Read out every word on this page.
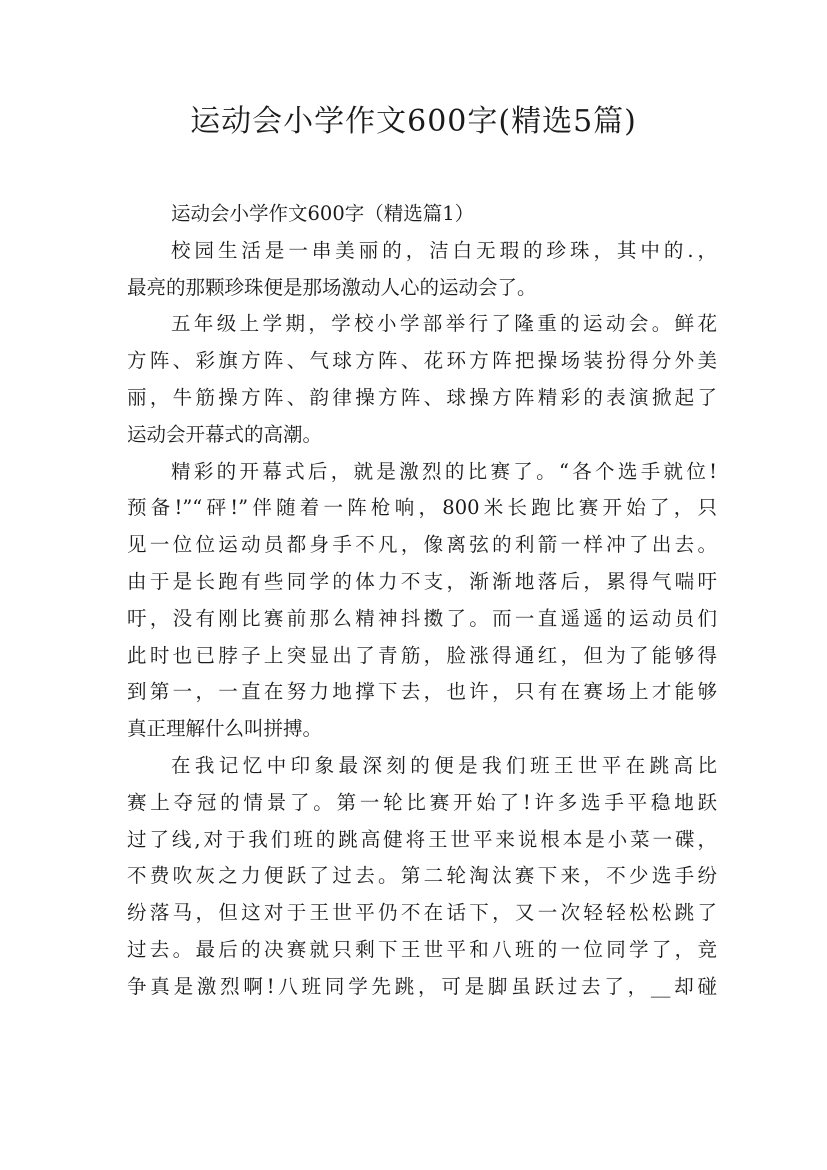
运动会小学作文600字(精选5篇)

运动会小学作文600字（精选篇1）

校园生活是一串美丽的，洁白无瑕的珍珠，其中的.，
最亮的那颗珍珠便是那场激动人心的运动会了。

五年级上学期，学校小学部举行了隆重的运动会。鲜花
方阵、彩旗方阵、气球方阵、花环方阵把操场装扮得分外美
丽，牛筋操方阵、韵律操方阵、球操方阵精彩的表演掀起了
运动会开幕式的高潮。

精彩的开幕式后，就是激烈的比赛了。“各个选手就位!
预备!”“砰!”伴随着一阵枪响，800米长跑比赛开始了，只
见一位位运动员都身手不凡，像离弦的利箭一样冲了出去。
由于是长跑有些同学的体力不支，渐渐地落后，累得气喘吁
吁，没有刚比赛前那么精神抖擞了。而一直遥遥的运动员们
此时也已脖子上突显出了青筋，脸涨得通红，但为了能够得
到第一，一直在努力地撑下去，也许，只有在赛场上才能够
真正理解什么叫拼搏。

在我记忆中印象最深刻的便是我们班王世平在跳高比
赛上夺冠的情景了。第一轮比赛开始了!许多选手平稳地跃
过了线,对于我们班的跳高健将王世平来说根本是小菜一碟，
不费吹灰之力便跃了过去。第二轮淘汰赛下来，不少选手纷
纷落马，但这对于王世平仍不在话下，又一次轻轻松松跳了
过去。最后的决赛就只剩下王世平和八班的一位同学了，竞
争真是激烈啊!八班同学先跳，可是脚虽跃过去了，__却碰
